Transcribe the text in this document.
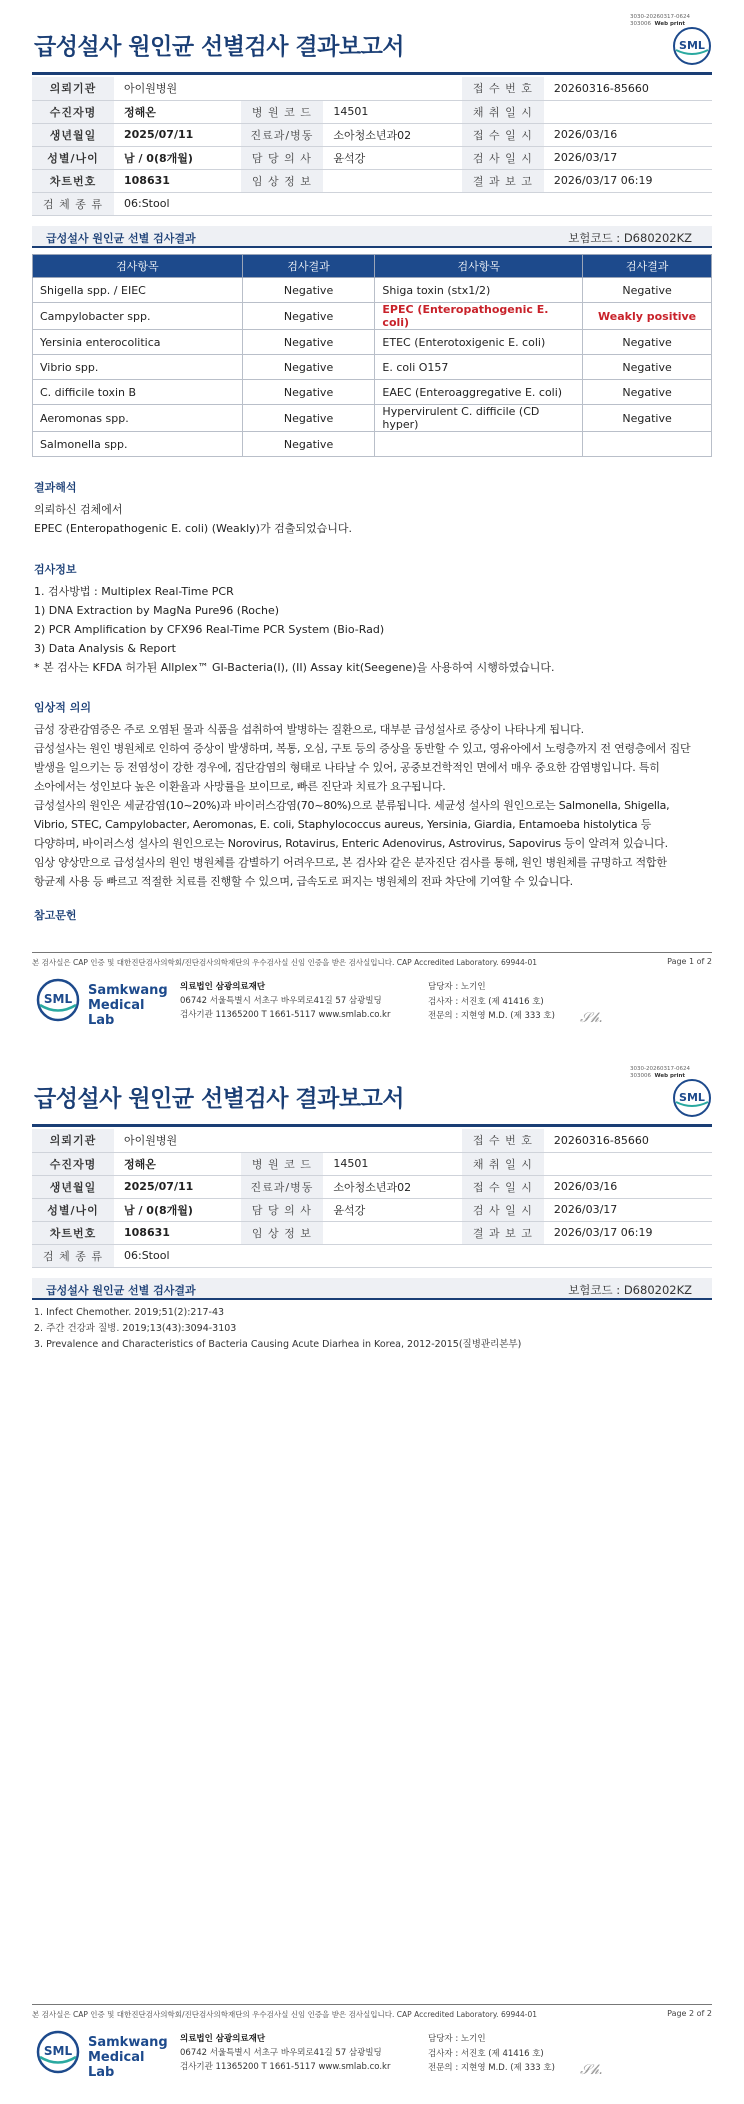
3030-20260317-0624
303006 Web print
급성설사 원인균 선별검사 결과보고서	SML
의뢰기관	아이원병원			접 수 번 호	20260316-85660
수진자명	정해온	병 원 코 드	14501	채 취 일 시	
생년월일	2025/07/11	진료과/병동	소아청소년과02	접 수 일 시	2026/03/16
성별/나이	남 / 0(8개월)	담 당 의 사	윤석강	검 사 일 시	2026/03/17
차트번호	108631	임 상 정 보		결 과 보 고	2026/03/17 06:19
검 체 종 류	06:Stool				
급성설사 원인균 선별 검사결과	보험코드 : D680202KZ
검사항목	검사결과	검사항목	검사결과
Shigella spp. / EIEC	Negative	Shiga toxin (stx1/2)	Negative
Campylobacter spp.	Negative	EPEC (Enteropathogenic E. coli)	Weakly positive
Yersinia enterocolitica	Negative	ETEC (Enterotoxigenic E. coli)	Negative
Vibrio spp.	Negative	E. coli O157	Negative
C. difficile toxin B	Negative	EAEC (Enteroaggregative E. coli)	Negative
Aeromonas spp.	Negative	Hypervirulent C. difficile (CD hyper)	Negative
Salmonella spp.	Negative		
결과해석
의뢰하신 검체에서
EPEC (Enteropathogenic E. coli) (Weakly)가 검출되었습니다.
검사정보
1. 검사방법 : Multiplex Real-Time PCR
1) DNA Extraction by MagNa Pure96 (Roche)
2) PCR Amplification by CFX96 Real-Time PCR System (Bio-Rad)
3) Data Analysis & Report
* 본 검사는 KFDA 허가된 Allplex™ GI-Bacteria(I), (II) Assay kit(Seegene)을 사용하여 시행하였습니다.
임상적 의의
급성 장관감염증은 주로 오염된 물과 식품을 섭취하여 발병하는 질환으로, 대부분 급성설사로 증상이 나타나게 됩니다.
급성설사는 원인 병원체로 인하여 증상이 발생하며, 복통, 오심, 구토 등의 증상을 동반할 수 있고, 영유아에서 노령층까지 전 연령층에서 집단
발생을 일으키는 등 전염성이 강한 경우에, 집단감염의 형태로 나타날 수 있어, 공중보건학적인 면에서 매우 중요한 감염병입니다. 특히
소아에서는 성인보다 높은 이환율과 사망률을 보이므로, 빠른 진단과 치료가 요구됩니다.
급성설사의 원인은 세균감염(10~20%)과 바이러스감염(70~80%)으로 분류됩니다. 세균성 설사의 원인으로는 Salmonella, Shigella,
Vibrio, STEC, Campylobacter, Aeromonas, E. coli, Staphylococcus aureus, Yersinia, Giardia, Entamoeba histolytica 등
다양하며, 바이러스성 설사의 원인으로는 Norovirus, Rotavirus, Enteric Adenovirus, Astrovirus, Sapovirus 등이 알려져 있습니다.
임상 양상만으로 급성설사의 원인 병원체를 감별하기 어려우므로, 본 검사와 같은 분자진단 검사를 통해, 원인 병원체를 규명하고 적합한
항균제 사용 등 빠르고 적절한 치료를 진행할 수 있으며, 급속도로 퍼지는 병원체의 전파 차단에 기여할 수 있습니다.
참고문헌
본 검사실은 CAP 인증 및 대한진단검사의학회/진단검사의학재단의 우수검사실 신임 인증을 받은 검사실입니다. CAP Accredited Laboratory. 69944-01	Page 1 of 2
SML
Samkwang
Medical Lab
의료법인 삼광의료재단
06742 서울특별시 서초구 바우뫼로41길 57 삼광빌딩
검사기관 11365200 T 1661-5117 www.smlab.co.kr
담당자 : 노기인
검사자 : 서진호 (제 41416 호)
전문의 : 지현영 M.D. (제 333 호) 𝒮𝒽.
3030-20260317-0624
303006 Web print
급성설사 원인균 선별검사 결과보고서	SML
의뢰기관	아이원병원			접 수 번 호	20260316-85660
수진자명	정해온	병 원 코 드	14501	채 취 일 시	
생년월일	2025/07/11	진료과/병동	소아청소년과02	접 수 일 시	2026/03/16
성별/나이	남 / 0(8개월)	담 당 의 사	윤석강	검 사 일 시	2026/03/17
차트번호	108631	임 상 정 보		결 과 보 고	2026/03/17 06:19
검 체 종 류	06:Stool				
급성설사 원인균 선별 검사결과	보험코드 : D680202KZ
1. Infect Chemother. 2019;51(2):217-43
2. 주간 건강과 질병. 2019;13(43):3094-3103
3. Prevalence and Characteristics of Bacteria Causing Acute Diarhea in Korea, 2012-2015(질병관리본부)
본 검사실은 CAP 인증 및 대한진단검사의학회/진단검사의학재단의 우수검사실 신임 인증을 받은 검사실입니다. CAP Accredited Laboratory. 69944-01	Page 2 of 2
SML
Samkwang
Medical Lab
의료법인 삼광의료재단
06742 서울특별시 서초구 바우뫼로41길 57 삼광빌딩
검사기관 11365200 T 1661-5117 www.smlab.co.kr
담당자 : 노기인
검사자 : 서진호 (제 41416 호)
전문의 : 지현영 M.D. (제 333 호) 𝒮𝒽.
